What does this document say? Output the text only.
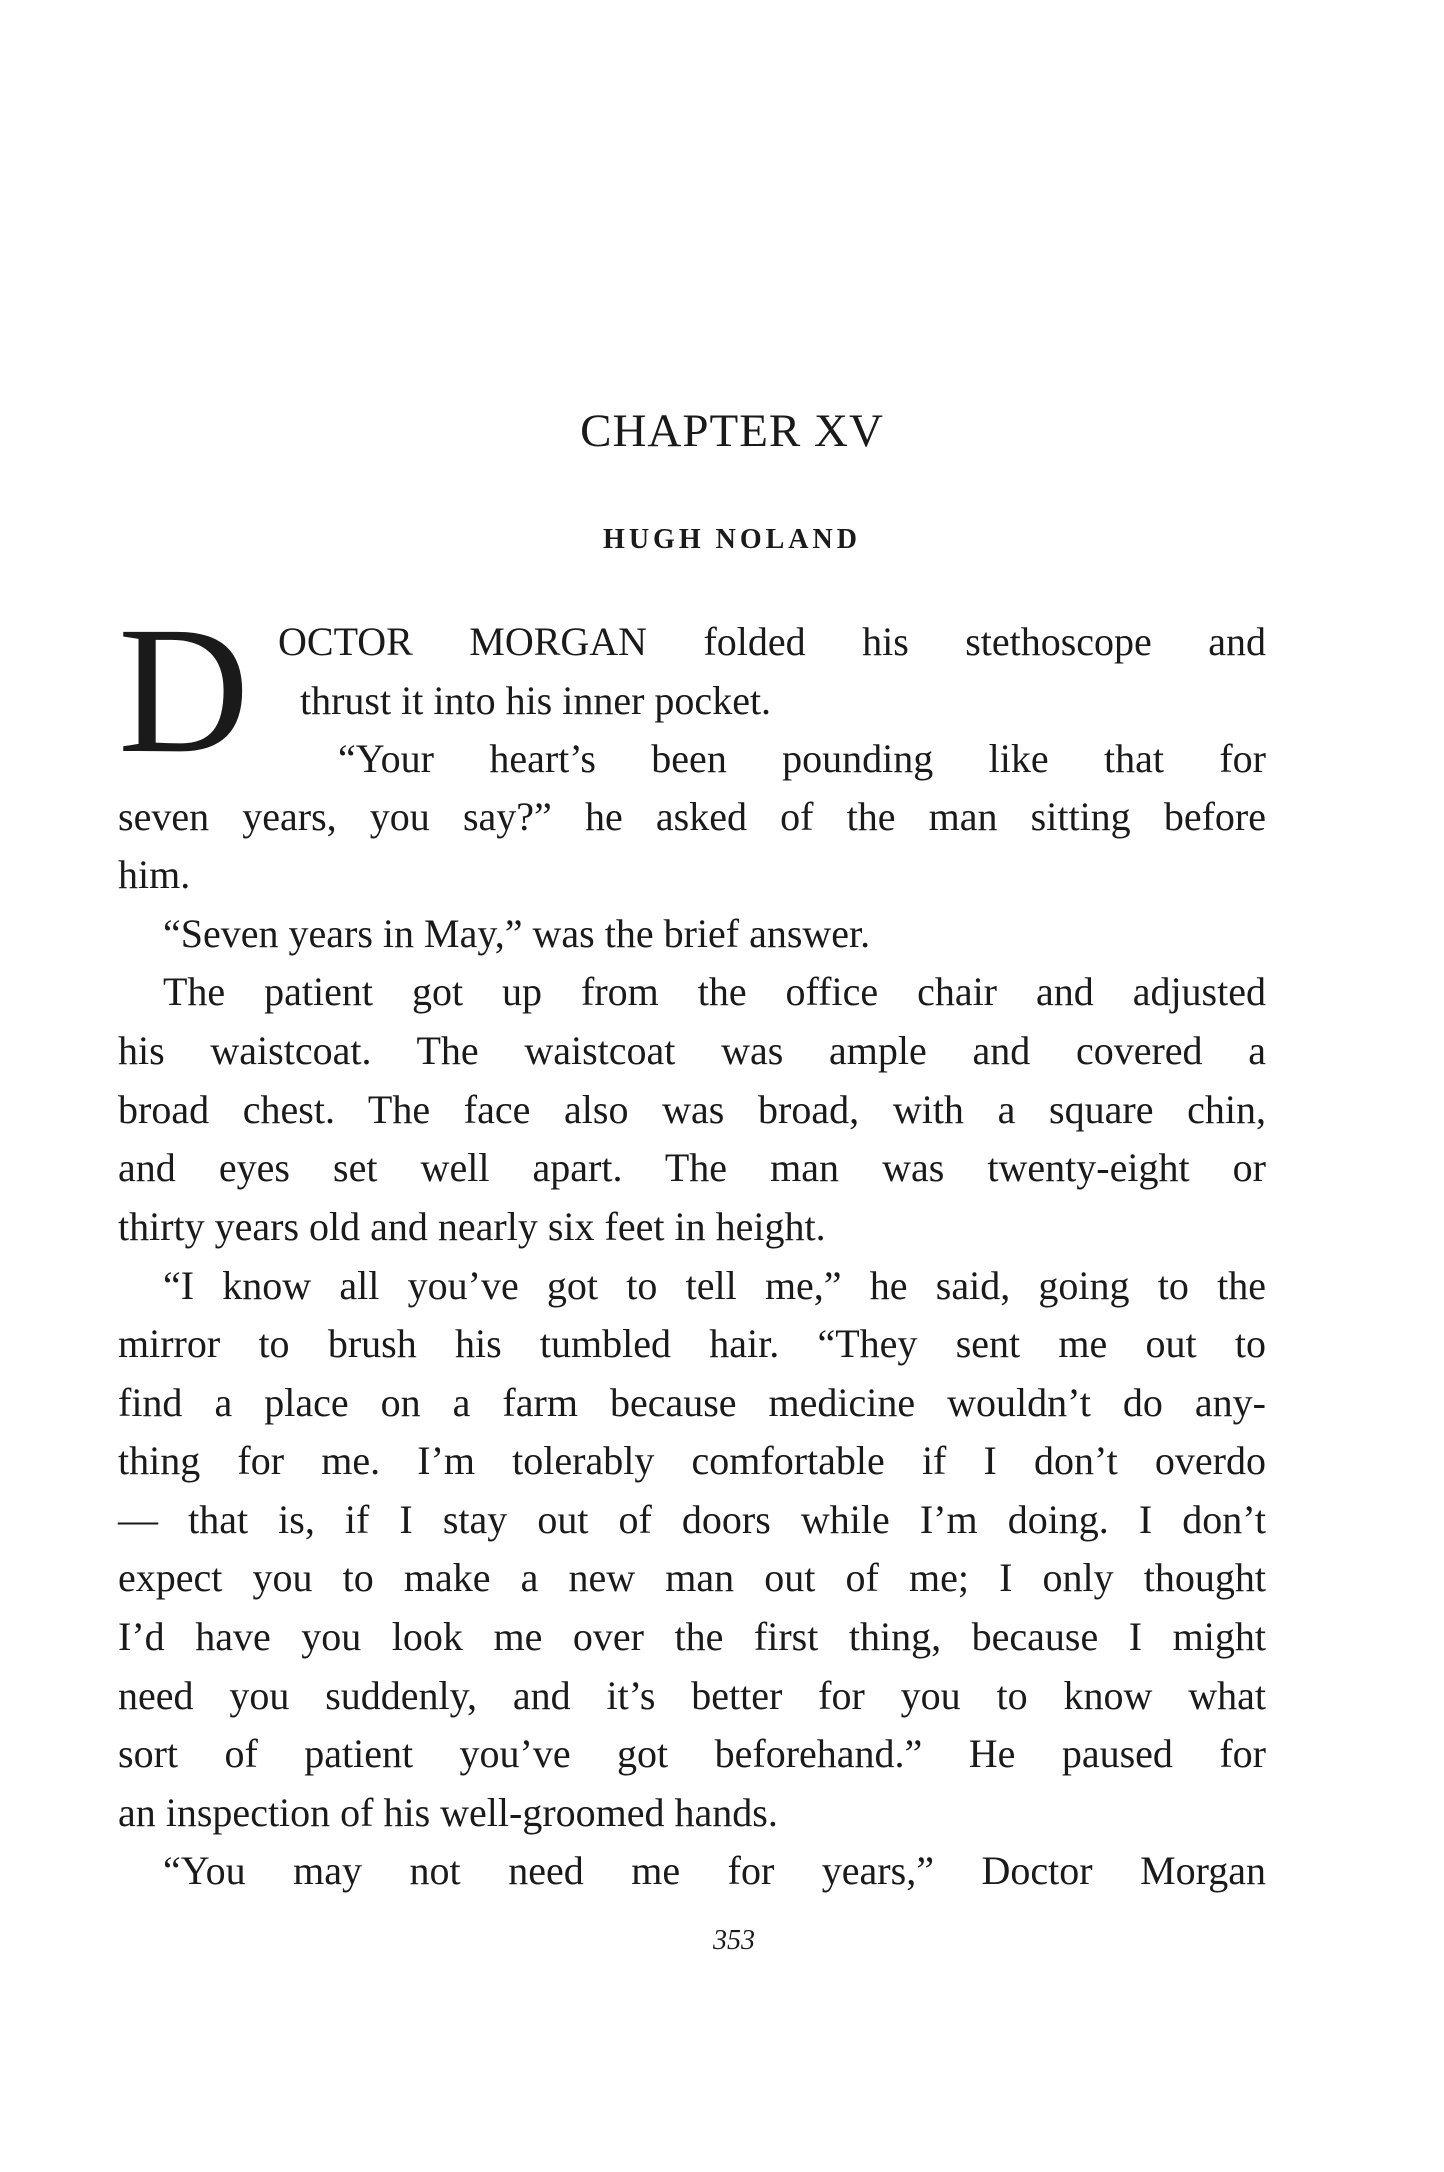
CHAPTER XV
HUGH NOLAND
D OCTOR MORGAN folded his stethoscope and
thrust it into his inner pocket.
“Your heart’s been pounding like that for
seven years, you say?” he asked of the man sitting before
him.
“Seven years in May,” was the brief answer.
The patient got up from the office chair and adjusted
his waistcoat. The waistcoat was ample and covered a
broad chest. The face also was broad, with a square chin,
and eyes set well apart. The man was twenty-eight or
thirty years old and nearly six feet in height.
“I know all you’ve got to tell me,” he said, going to the
mirror to brush his tumbled hair. “They sent me out to
find a place on a farm because medicine wouldn’t do any-
thing for me. I’m tolerably comfortable if I don’t overdo
— that is, if I stay out of doors while I’m doing. I don’t
expect you to make a new man out of me; I only thought
I’d have you look me over the first thing, because I might
need you suddenly, and it’s better for you to know what
sort of patient you’ve got beforehand.” He paused for
an inspection of his well-groomed hands.
“You may not need me for years,” Doctor Morgan
353
